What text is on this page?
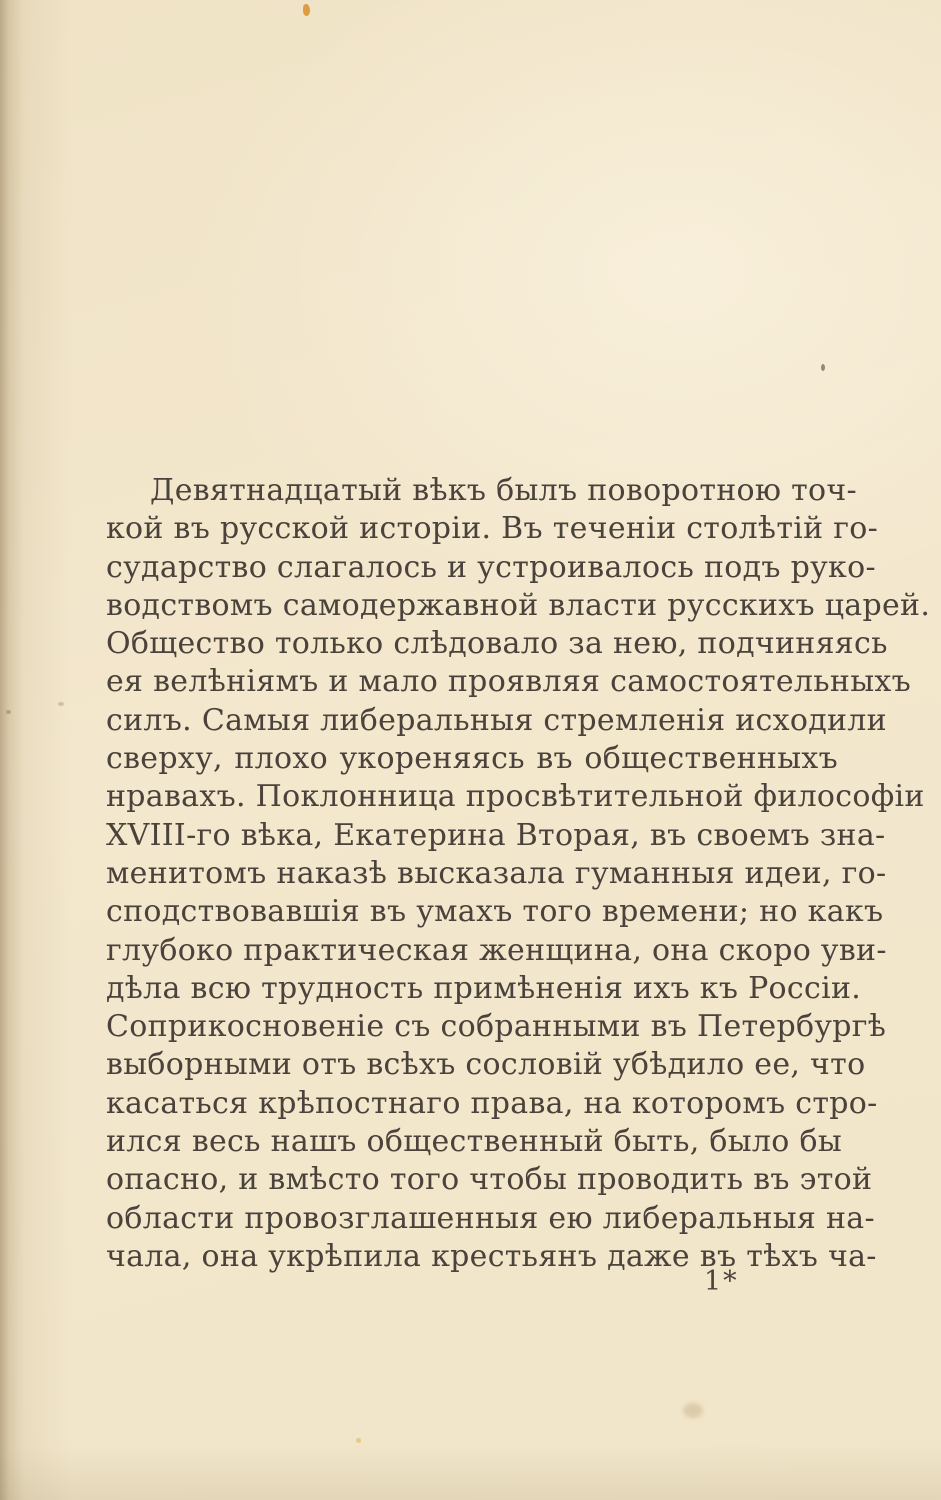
Девятнадцатый вѣкъ былъ поворотною точ-
кой въ русской исторіи. Въ теченіи столѣтій го-
сударство слагалось и устроивалось подъ руко-
водствомъ самодержавной власти русскихъ царей.
Общество только слѣдовало за нею, подчиняясь
ея велѣніямъ и мало проявляя самостоятельныхъ
силъ. Самыя либеральныя стремленія исходили
сверху, плохо укореняясь въ общественныхъ
нравахъ. Поклонница просвѣтительной философіи
XVIII-го вѣка, Екатерина Вторая, въ своемъ зна-
менитомъ наказѣ высказала гуманныя идеи, го-
сподствовавшія въ умахъ того времени; но какъ
глубоко практическая женщина, она скоро уви-
дѣла всю трудность примѣненія ихъ къ Россіи.
Соприкосновеніе съ собранными въ Петербургѣ
выборными отъ всѣхъ сословій убѣдило ее, что
касаться крѣпостнаго права, на которомъ стро-
ился весь нашъ общественный быть, было бы
опасно, и вмѣсто того чтобы проводить въ этой
области провозглашенныя ею либеральныя на-
чала, она укрѣпила крестьянъ даже въ тѣхъ ча-
1*
